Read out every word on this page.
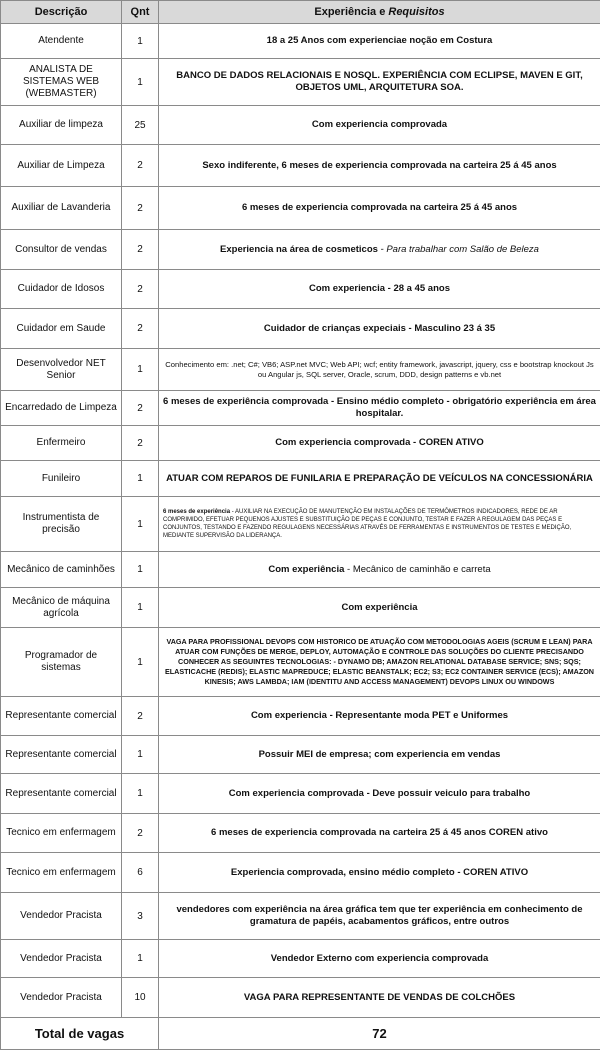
Descrição	Qnt	Experiência e Requisitos
Atendente	1	18 a 25 Anos com experienciae noção em Costura
ANALISTA DE SISTEMAS WEB (WEBMASTER)	1	BANCO DE DADOS RELACIONAIS E NOSQL. EXPERIÊNCIA COM ECLIPSE, MAVEN E GIT, OBJETOS UML, ARQUITETURA SOA.
Auxiliar de limpeza	25	Com experiencia comprovada
Auxiliar de Limpeza	2	Sexo indiferente, 6 meses de experiencia comprovada na carteira 25 á 45 anos
Auxiliar de Lavanderia	2	6 meses de experiencia comprovada na carteira 25 á 45 anos
Consultor de vendas	2	Experiencia na área de cosmeticos - Para trabalhar com Salão de Beleza
Cuidador de Idosos	2	Com experiencia - 28 a 45 anos
Cuidador em Saude	2	Cuidador de crianças expeciais - Masculino 23 á 35
Desenvolvedor NET Senior	1	Conhecimento em: .net; C#; VB6; ASP.net MVC; Web API; wcf; entity framework, javascript, jquery, css e bootstrap knockout Js ou Angular js, SQL server, Oracle, scrum, DDD, design patterns e vb.net
Encarredado de Limpeza	2	6 meses de experiência comprovada - Ensino médio completo - obrigatório experiência em área hospitalar.
Enfermeiro	2	Com experiencia comprovada - COREN ATIVO
Funileiro	1	ATUAR COM REPAROS DE FUNILARIA E PREPARAÇÃO DE VEÍCULOS NA CONCESSIONÁRIA
Instrumentista de precisão	1	6 meses de experiência - AUXILIAR NA EXECUÇÃO DE MANUTENÇÃO EM INSTALAÇÕES DE TERMÔMETROS INDICADORES, REDE DE AR COMPRIMIDO, EFETUAR PEQUENOS AJUSTES E SUBSTITUIÇÃO DE PEÇAS E CONJUNTO, TESTAR E FAZER A REGULAGEM DAS PEÇAS E CONJUNTOS, TESTANDO E FAZENDO REGULAGENS NECESSÁRIAS ATRAVÉS DE FERRAMENTAS E INSTRUMENTOS DE TESTES E MEDIÇÃO, MEDIANTE SUPERVISÃO DA LIDERANÇA.
Mecânico de caminhões	1	Com experiência - Mecânico de caminhão e carreta
Mecânico de máquina agrícola	1	Com experiência
Programador de sistemas	1	VAGA PARA PROFISSIONAL DEVOPS COM HISTORICO DE ATUAÇÃO COM METODOLOGIAS AGEIS (SCRUM E LEAN) PARA ATUAR COM FUNÇÕES DE MERGE, DEPLOY, AUTOMAÇÃO E CONTROLE DAS SOLUÇÕES DO CLIENTE PRECISANDO CONHECER AS SEGUINTES TECNOLOGIAS: - DYNAMO DB; AMAZON RELATIONAL DATABASE SERVICE; SNS; SQS; ELASTICACHE (REDIS); ELASTIC MAPREDUCE; ELASTIC BEANSTALK; EC2; S3; EC2 CONTAINER SERVICE (ECS); AMAZON KINESIS; AWS LAMBDA; IAM (IDENTITU AND ACCESS MANAGEMENT) DEVOPS LINUX OU WINDOWS
Representante comercial	2	Com experiencia - Representante moda PET e Uniformes
Representante comercial	1	Possuir MEI de empresa; com experiencia em vendas
Representante comercial	1	Com experiencia comprovada - Deve possuir veiculo para trabalho
Tecnico em enfermagem	2	6 meses de experiencia comprovada na carteira 25 á 45 anos COREN ativo
Tecnico em enfermagem	6	Experiencia comprovada, ensino médio completo - COREN ATIVO
Vendedor Pracista	3	vendedores com experiência na área gráfica tem que ter experiência em conhecimento de gramatura de papéis, acabamentos gráficos, entre outros
Vendedor Pracista	1	Vendedor Externo com experiencia comprovada
Vendedor Pracista	10	VAGA PARA REPRESENTANTE DE VENDAS DE COLCHÕES
Total de vagas		72
